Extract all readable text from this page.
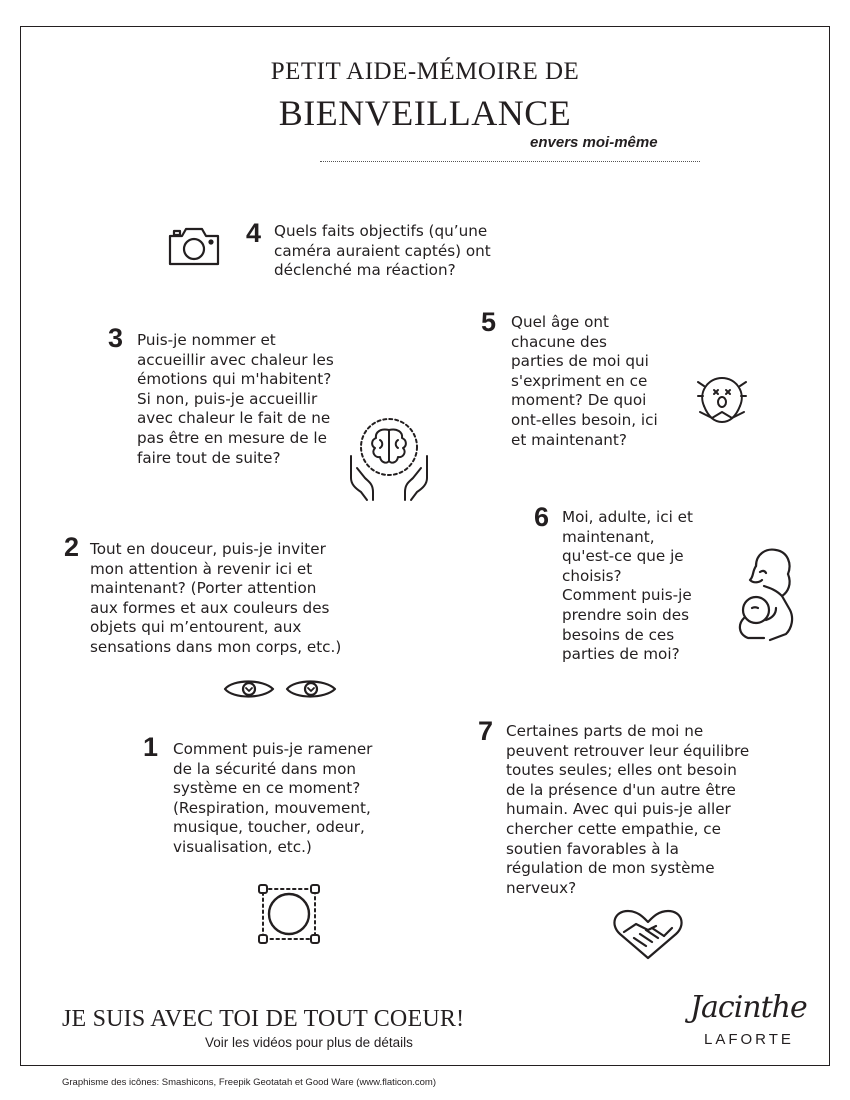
PETIT AIDE-MÉMOIRE DE
BIENVEILLANCE
envers moi-même
4 Quels faits objectifs (qu’une
caméra auraient captés) ont
déclenché ma réaction?
3 Puis-je nommer et
accueillir avec chaleur les
émotions qui m'habitent?
Si non, puis-je accueillir
avec chaleur le fait de ne
pas être en mesure de le
faire tout de suite?
5 Quel âge ont
chacune des
parties de moi qui
s'expriment en ce
moment? De quoi
ont-elles besoin, ici
et maintenant?
2 Tout en douceur, puis-je inviter
mon attention à revenir ici et
maintenant? (Porter attention
aux formes et aux couleurs des
objets qui m’entourent, aux
sensations dans mon corps, etc.)
6 Moi, adulte, ici et
maintenant,
qu'est-ce que je
choisis?
Comment puis-je
prendre soin des
besoins de ces
parties de moi?
1 Comment puis-je ramener
de la sécurité dans mon
système en ce moment?
(Respiration, mouvement,
musique, toucher, odeur,
visualisation, etc.)
7 Certaines parts de moi ne
peuvent retrouver leur équilibre
toutes seules; elles ont besoin
de la présence d'un autre être
humain. Avec qui puis-je aller
chercher cette empathie, ce
soutien favorables à la
régulation de mon système
nerveux?
JE SUIS AVEC TOI DE TOUT COEUR!
Voir les vidéos pour plus de détails
Jacinthe
LAFORTE
Graphisme des icônes: Smashicons, Freepik Geotatah et Good Ware (www.flaticon.com)
